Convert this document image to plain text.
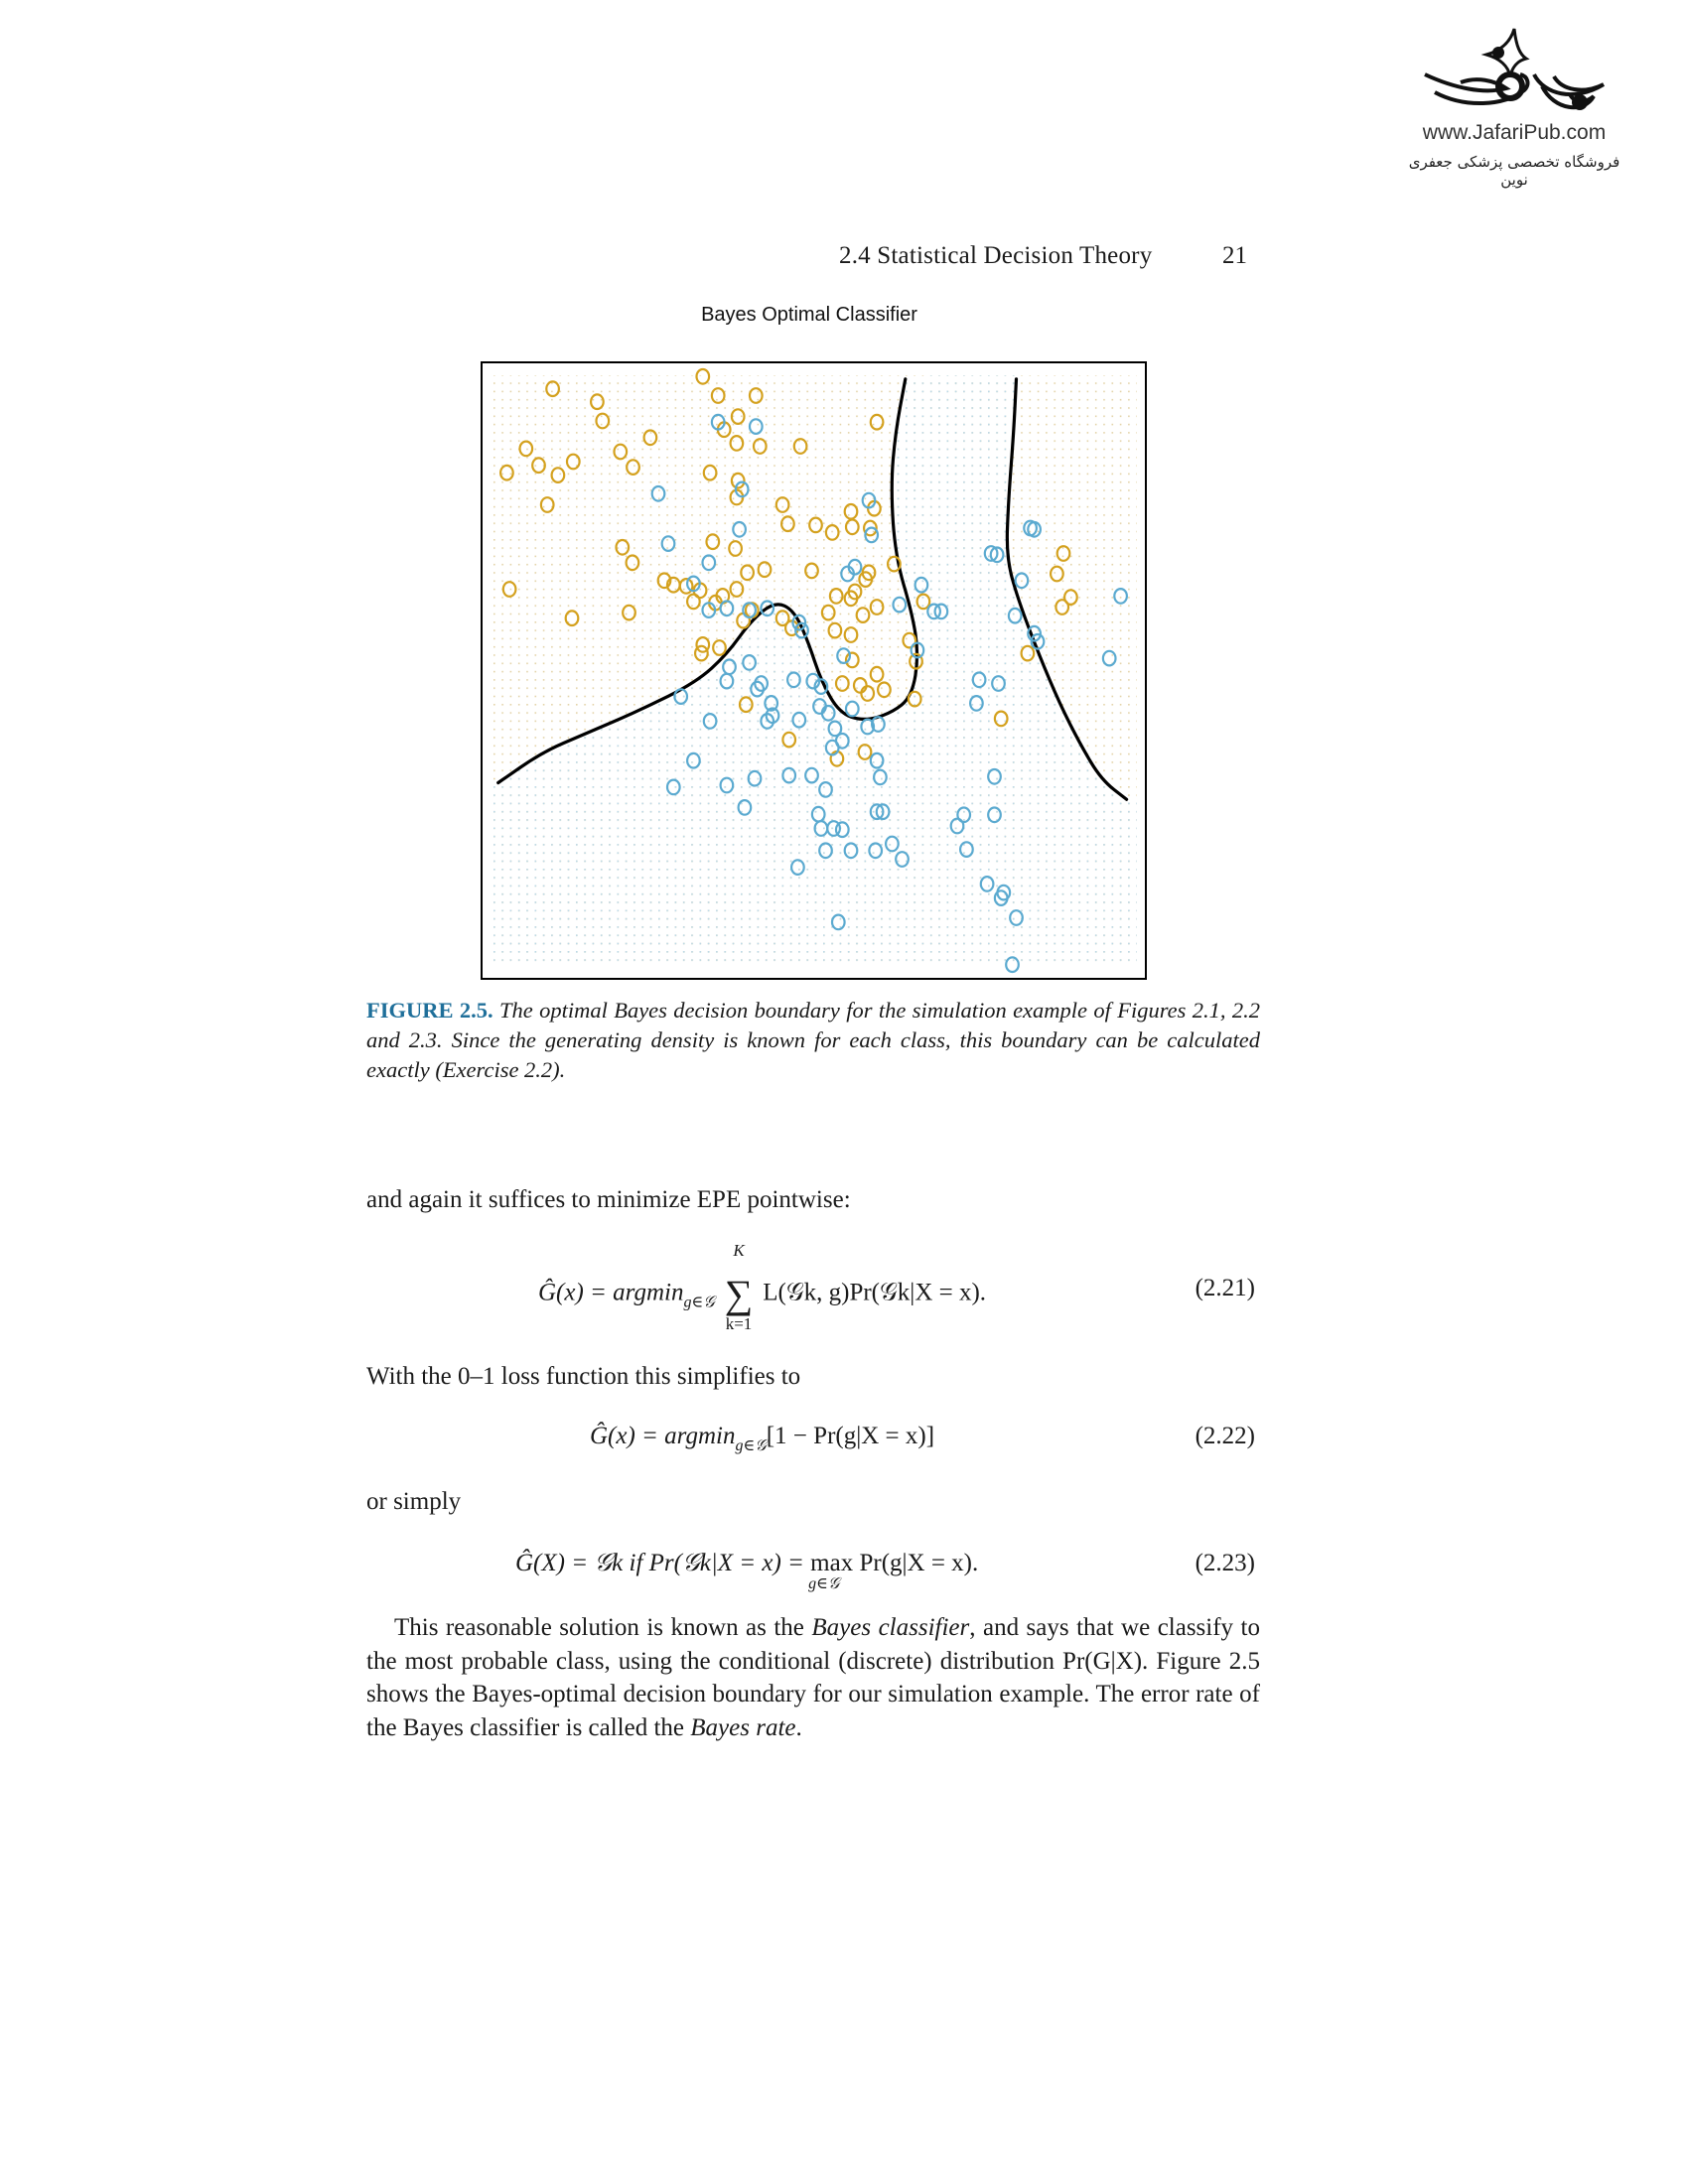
www.JafariPub.com
فروشگاه تخصصی پزشکی جعفری نوین
2.4 Statistical Decision Theory	21
Bayes Optimal Classifier
FIGURE 2.5. The optimal Bayes decision boundary for the simulation example of Figures 2.1, 2.2 and 2.3. Since the generating density is known for each class, this boundary can be calculated exactly (Exercise 2.2).
and again it suffices to minimize EPE pointwise:
Ĝ(x) = argmin$_{g\in 𝒢}$
K
∑
k=1
L(𝒢k, g)Pr(𝒢k|X = x).	(2.21)
With the 0–1 loss function this simplifies to
Ĝ(x) = argmin$_{g\in 𝒢}$[1 − Pr(g|X = x)]	(2.22)
or simply
Ĝ(X) = 𝒢k if Pr(𝒢k|X = x) = max
g∈𝒢
Pr(g|X = x).	(2.23)
This reasonable solution is known as the Bayes classifier, and says that we classify to the most probable class, using the conditional (discrete) distribution Pr(G|X). Figure 2.5 shows the Bayes-optimal decision boundary for our simulation example. The error rate of the Bayes classifier is called the Bayes rate.
